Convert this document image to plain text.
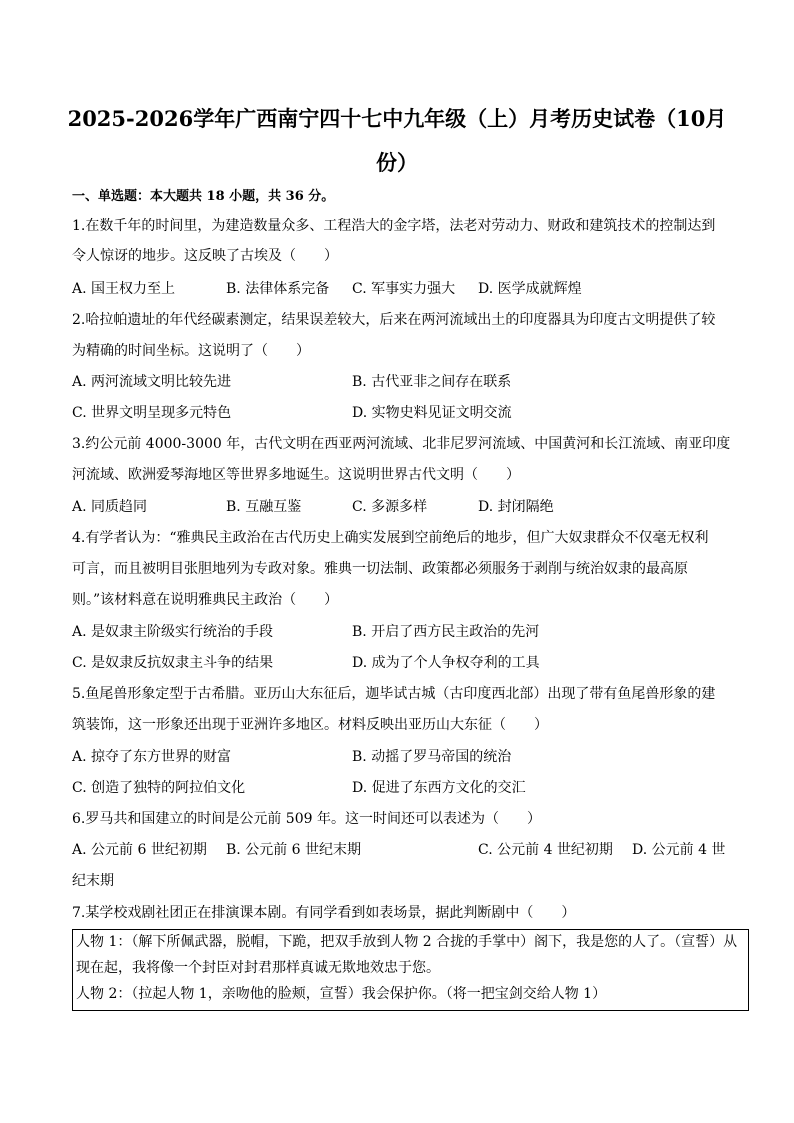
2025-2026学年广西南宁四十七中九年级（上）月考历史试卷（10月
份）
一、单选题：本大题共 18 小题，共 36 分。
1.在数千年的时间里，为建造数量众多、工程浩大的金字塔，法老对劳动力、财政和建筑技术的控制达到
令人惊讶的地步。这反映了古埃及（　　）
A. 国王权力至上	B. 法律体系完备 C. 军事实力强大 D. 医学成就辉煌
2.哈拉帕遗址的年代经碳素测定，结果误差较大，后来在两河流域出土的印度器具为印度古文明提供了较
为精确的时间坐标。这说明了（　　）
A. 两河流域文明比较先进	B. 古代亚非之间存在联系
C. 世界文明呈现多元特色	D. 实物史料见证文明交流
3.约公元前 4000-3000 年，古代文明在西亚两河流域、北非尼罗河流域、中国黄河和长江流域、南亚印度
河流域、欧洲爱琴海地区等世界多地诞生。这说明世界古代文明（　　）
A. 同质趋同	B. 互融互鉴	C. 多源多样	D. 封闭隔绝
4.有学者认为：“雅典民主政治在古代历史上确实发展到空前绝后的地步，但广大奴隶群众不仅毫无权利
可言，而且被明目张胆地列为专政对象。雅典一切法制、政策都必须服务于剥削与统治奴隶的最高原
则。”该材料意在说明雅典民主政治（　　）
A. 是奴隶主阶级实行统治的手段	B. 开启了西方民主政治的先河
C. 是奴隶反抗奴隶主斗争的结果	D. 成为了个人争权夺利的工具
5.鱼尾兽形象定型于古希腊。亚历山大东征后，迦毕试古城（古印度西北部）出现了带有鱼尾兽形象的建
筑装饰，这一形象还出现于亚洲许多地区。材料反映出亚历山大东征（　　）
A. 掠夺了东方世界的财富	B. 动摇了罗马帝国的统治
C. 创造了独特的阿拉伯文化	D. 促进了东西方文化的交汇
6.罗马共和国建立的时间是公元前 509 年。这一时间还可以表述为（　　）
A. 公元前 6 世纪初期 B. 公元前 6 世纪末期	C. 公元前 4 世纪初期 D. 公元前 4 世
纪末期
7.某学校戏剧社团正在排演课本剧。有同学看到如表场景，据此判断剧中（　　）
人物 1：（解下所佩武器，脱帽，下跪，把双手放到人物 2 合拢的手掌中）阁下，我是您的人了。（宣誓）从
现在起，我将像一个封臣对封君那样真诚无欺地效忠于您。
人物 2：（拉起人物 1，亲吻他的脸颊，宣誓）我会保护你。（将一把宝剑交给人物 1）
